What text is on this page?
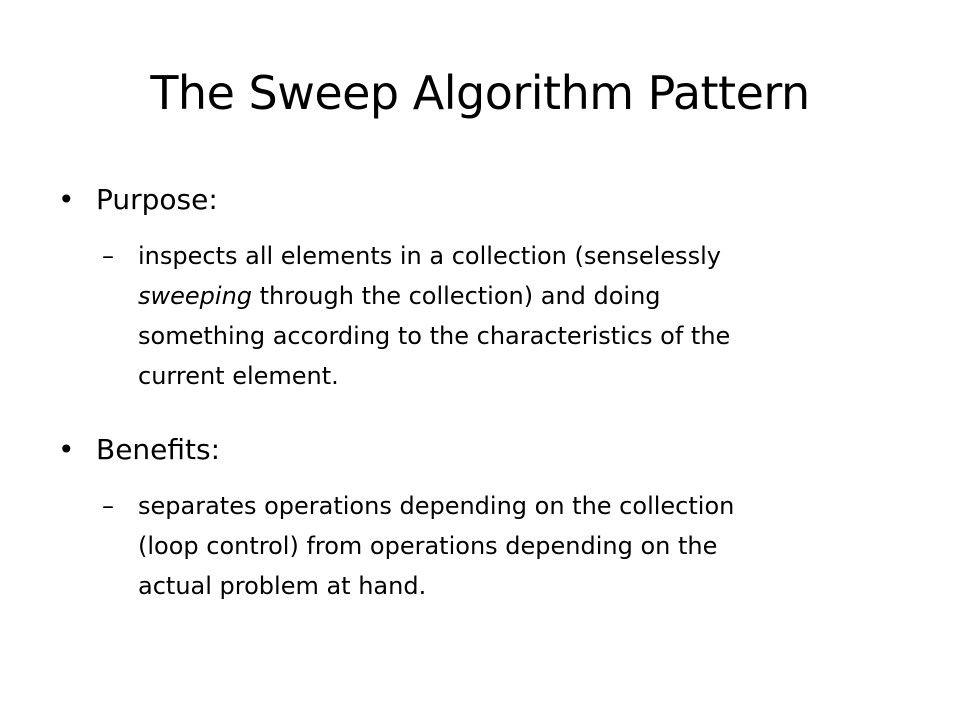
The Sweep Algorithm Pattern
• Purpose:
– inspects all elements in a collection (senselessly
sweeping through the collection) and doing
something according to the characteristics of the
current element.
• Benefits:
– separates operations depending on the collection
(loop control) from operations depending on the
actual problem at hand.
